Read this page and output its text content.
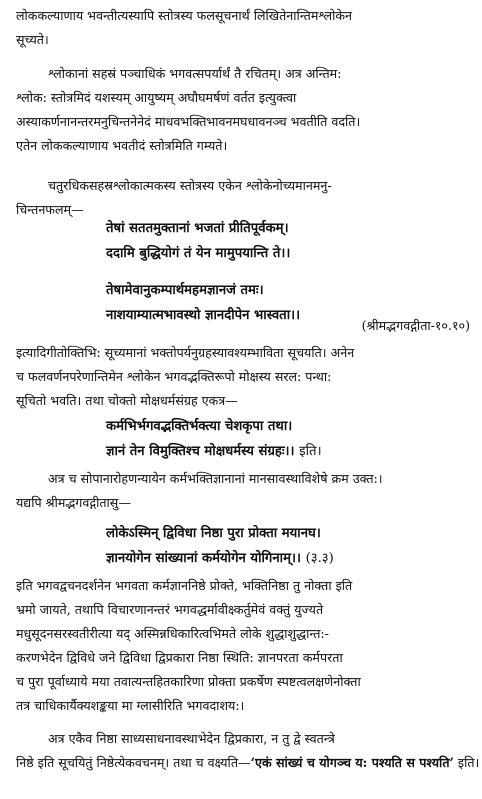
लोककल्याणाय भवन्तीत्यस्यापि स्तोत्रस्य फलसूचनार्थं लिखितेनान्तिमश्लोकेन
सूच्यते।
श्लोकानां सहस्रं पञ्चाधिकं भगवत्सपर्यार्थं तै रचितम्। अत्र अन्तिम:
श्लोक: स्तोत्रमिदं यशस्यम् आयुष्यम् अघौघमर्षणं वर्तत इत्युक्त्वा
अस्याकर्णनानन्तरमनुचिन्तनेनेदं माधवभक्तिभावनमघधावनञ्च भवतीति वदति।
एतेन लोककल्याणाय भवतीदं स्तोत्रमिति गम्यते।
चतुरधिकसहस्रश्लोकात्मकस्य स्तोत्रस्य एकेन श्लोकेनोच्यमानमनु-
चिन्तनफलम्‌—
तेषां सततमुक्तानां भजतां प्रीतिपूर्वकम्।
ददामि बुद्धियोगं तं येन मामुपयान्ति ते।।
तेषामेवानुकम्पार्थमहमज्ञानजं तमः।
नाशयाम्यात्मभावस्थो ज्ञानदीपेन भास्वता।।
(श्रीमद्भगवद्गीता-१०.१०)
इत्यादिगीतोक्तिभि: सूच्यमानां भक्तोपर्यनुग्रहस्यावश्यम्भाविता सूचयति। अनेन
च फलवर्णनपरेणान्तिमेन श्लोकेन भगवद्भक्तिरूपो मोक्षस्य सरल: पन्था:
सूचितो भवति। तथा चोक्तो मोक्षधर्मसंग्रह एकत्र—
कर्मभिर्भगवद्भक्तिर्भक्त्या चेशकृपा तथा।
ज्ञानं तेन विमुक्तिश्च मोक्षधर्मस्य संग्रहः।। इति।
अत्र च सोपानारोहणन्यायेन कर्मभक्तिज्ञानानां मानसावस्थाविशेषे क्रम उक्त:।
यद्यपि श्रीमद्भगवद्गीतासु—
लोकेऽस्मिन् द्विविधा निष्ठा पुरा प्रोक्ता मयानघ।
ज्ञानयोगेन सांख्यानां कर्मयोगेन योगिनाम्।। (३.३)
इति भगवद्वचनदर्शनेन भगवता कर्मज्ञाननिष्ठे प्रोक्ते, भक्तिनिष्ठा तु नोक्ता इति
भ्रमो जायते, तथापि विचारणानन्तरं भगवद्धर्मावीक्ष्कर्तुमेवं वक्तुं युज्यते
मधुसूदनसरस्वतीरीत्या यद् अस्मिन्नधिकारित्वभिमते लोके शुद्धाशुद्धान्त:-
करणभेदेन द्विविधे जने द्विविधा द्विप्रकारा निष्ठा स्थिति: ज्ञानपरता कर्मपरता
च पुरा पूर्वाध्याये मया तवात्यन्तहितकारिणा प्रोक्ता प्रकर्षेण स्पष्टत्वलक्षणेनोक्ता
तत्र चाधिकार्यैक्यशङ्कया मा ग्लासीरिति भगवदाशय:।
अत्र एकैव निष्ठा साध्यसाधनावस्थाभेदेन द्विप्रकारा, न तु द्वे स्वतन्त्रे
निष्ठे इति सूचयितुं निष्ठेत्येकवचनम्। तथा च वक्ष्यति—‘एकं सांख्यं च योगञ्च य: पश्यति स पश्यति’ इति।
